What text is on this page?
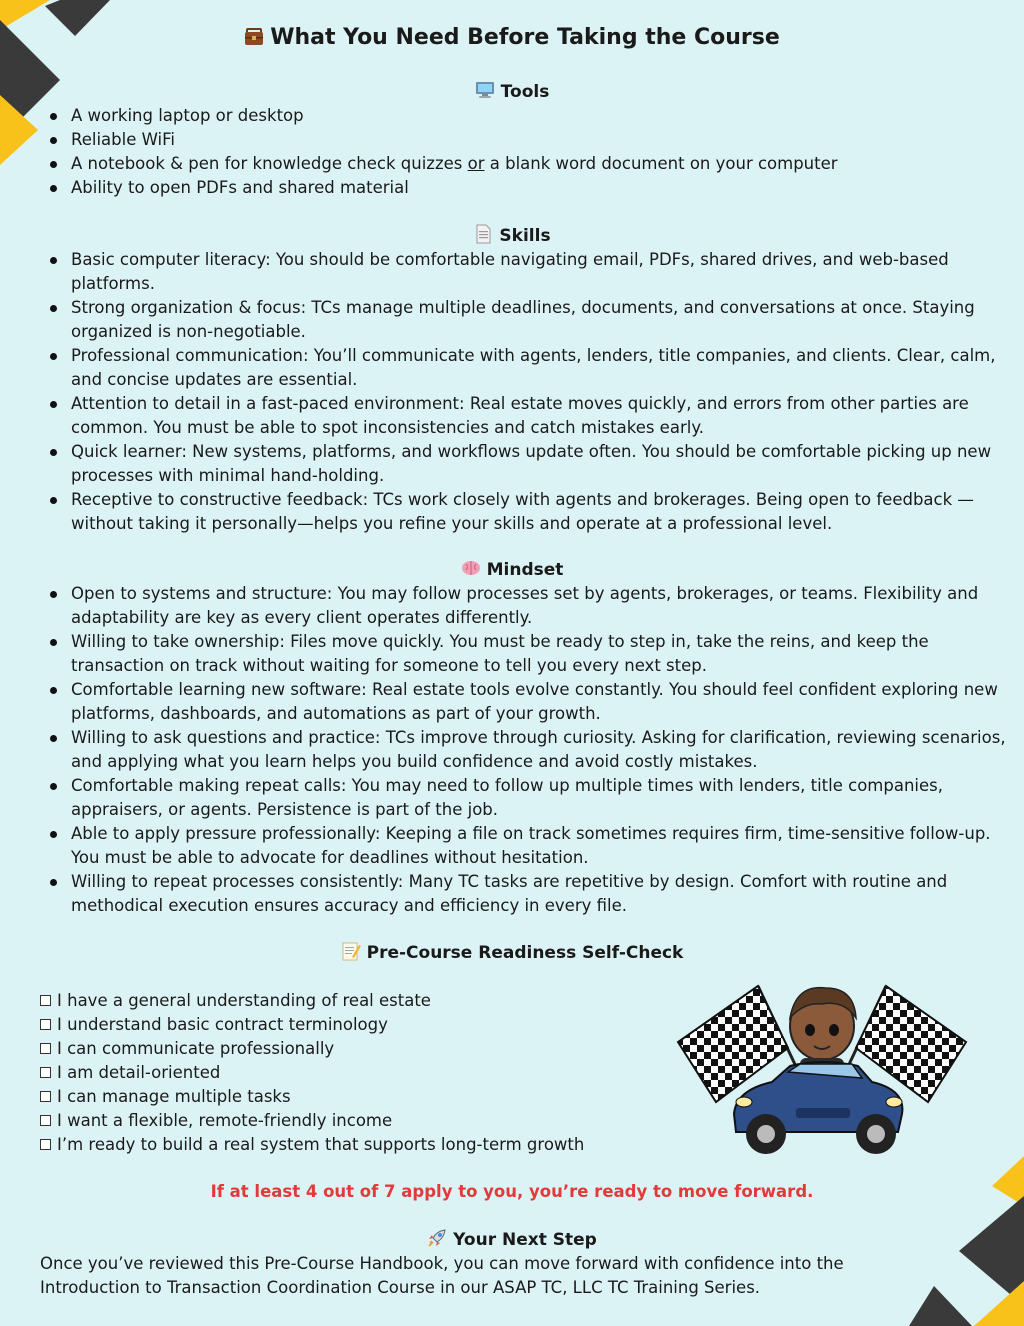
What You Need Before Taking the Course
Tools
A working laptop or desktop
Reliable WiFi
A notebook & pen for knowledge check quizzes or a blank word document on your computer
Ability to open PDFs and shared material
Skills
Basic computer literacy: You should be comfortable navigating email, PDFs, shared drives, and web-based platforms.
Strong organization & focus: TCs manage multiple deadlines, documents, and conversations at once. Staying organized is non-negotiable.
Professional communication: You’ll communicate with agents, lenders, title companies, and clients. Clear, calm, and concise updates are essential.
Attention to detail in a fast-paced environment: Real estate moves quickly, and errors from other parties are common. You must be able to spot inconsistencies and catch mistakes early.
Quick learner: New systems, platforms, and workflows update often. You should be comfortable picking up new processes with minimal hand-holding.
Receptive to constructive feedback: TCs work closely with agents and brokerages. Being open to feedback —without taking it personally—helps you refine your skills and operate at a professional level.
Mindset
Open to systems and structure: You may follow processes set by agents, brokerages, or teams. Flexibility and adaptability are key as every client operates differently.
Willing to take ownership: Files move quickly. You must be ready to step in, take the reins, and keep the transaction on track without waiting for someone to tell you every next step.
Comfortable learning new software: Real estate tools evolve constantly. You should feel confident exploring new platforms, dashboards, and automations as part of your growth.
Willing to ask questions and practice: TCs improve through curiosity. Asking for clarification, reviewing scenarios, and applying what you learn helps you build confidence and avoid costly mistakes.
Comfortable making repeat calls: You may need to follow up multiple times with lenders, title companies, appraisers, or agents. Persistence is part of the job.
Able to apply pressure professionally: Keeping a file on track sometimes requires firm, time-sensitive follow-up. You must be able to advocate for deadlines without hesitation.
Willing to repeat processes consistently: Many TC tasks are repetitive by design. Comfort with routine and methodical execution ensures accuracy and efficiency in every file.
Pre-Course Readiness Self-Check
I have a general understanding of real estate
I understand basic contract terminology
I can communicate professionally
I am detail-oriented
I can manage multiple tasks
I want a flexible, remote-friendly income
I’m ready to build a real system that supports long-term growth
If at least 4 out of 7 apply to you, you’re ready to move forward.
Your Next Step

Once you’ve reviewed this Pre-Course Handbook, you can move forward with confidence into the Introduction to Transaction Coordination Course in our ASAP TC, LLC TC Training Series.
